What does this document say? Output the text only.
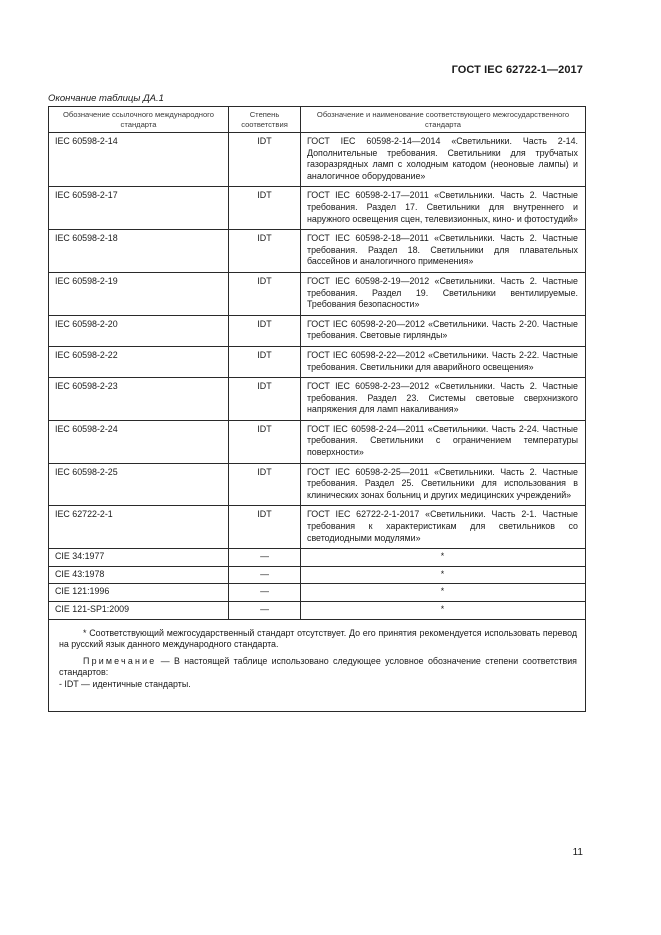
ГОСТ IEC 62722-1—2017
Окончание таблицы ДА.1
Обозначение ссылочного международного стандарта	Степень соответствия	Обозначение и наименование соответствующего межгосударственного стандарта
IEC 60598-2-14	IDT	ГОСТ IEC 60598-2-14—2014 «Светильники. Часть 2-14. Дополнительные требования. Светильники для трубчатых газоразрядных ламп с холодным катодом (неоновые лампы) и аналогичное оборудование»
IEC 60598-2-17	IDT	ГОСТ IEC 60598-2-17—2011 «Светильники. Часть 2. Частные требования. Раздел 17. Светильники для внутреннего и наружного освещения сцен, телевизионных, кино- и фотостудий»
IEC 60598-2-18	IDT	ГОСТ IEC 60598-2-18—2011 «Светильники. Часть 2. Частные требования. Раздел 18. Светильники для плавательных бассейнов и аналогичного применения»
IEC 60598-2-19	IDT	ГОСТ IEC 60598-2-19—2012 «Светильники. Часть 2. Частные требования. Раздел 19. Светильники вентилируемые. Требования безопасности»
IEC 60598-2-20	IDT	ГОСТ IEC 60598-2-20—2012 «Светильники. Часть 2-20. Частные требования. Световые гирлянды»
IEC 60598-2-22	IDT	ГОСТ IEC 60598-2-22—2012 «Светильники. Часть 2-22. Частные требования. Светильники для аварийного освещения»
IEC 60598-2-23	IDT	ГОСТ IEC 60598-2-23—2012 «Светильники. Часть 2. Частные требования. Раздел 23. Системы световые сверхнизкого напряжения для ламп накаливания»
IEC 60598-2-24	IDT	ГОСТ IEC 60598-2-24—2011 «Светильники. Часть 2-24. Частные требования. Светильники с ограничением температуры поверхности»
IEC 60598-2-25	IDT	ГОСТ IEC 60598-2-25—2011 «Светильники. Часть 2. Частные требования. Раздел 25. Светильники для использования в клинических зонах больниц и других медицинских учреждений»
IEC 62722-2-1	IDT	ГОСТ IEC 62722-2-1-2017 «Светильники. Часть 2-1. Частные требования к характеристикам для светильников со светодиодными модулями»
CIE 34:1977	—	*
CIE 43:1978	—	*
CIE 121:1996	—	*
CIE 121-SP1:2009	—	*

* Соответствующий межгосударственный стандарт отсутствует. До его принятия рекомендуется использовать перевод на русский язык данного международного стандарта.

Примечание — В настоящей таблице использовано следующее условное обозначение степени соответствия стандартов:

- IDT — идентичные стандарты.		

11
